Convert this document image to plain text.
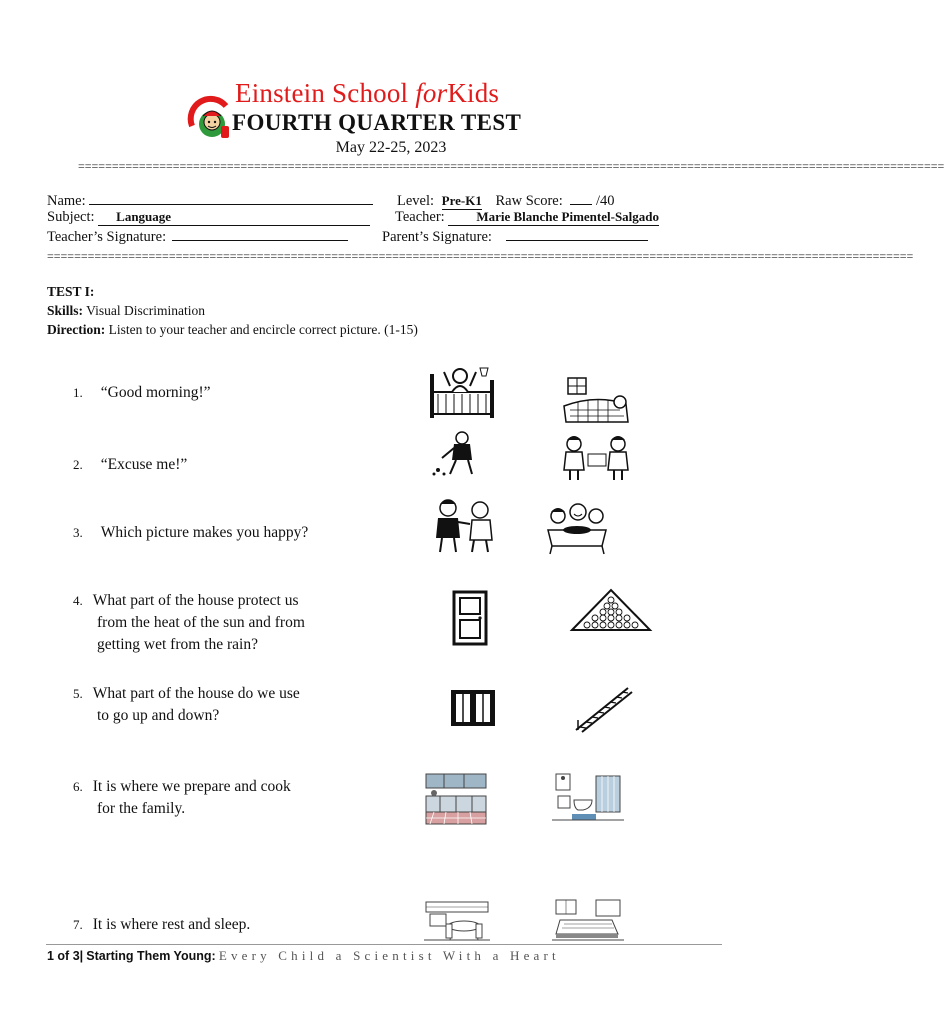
Einstein School forKids
FOURTH QUARTER TEST
May 22-25, 2023
================================================================================================================================
Name:	Level: Pre-K1 Raw Score: /40
Subject: Language	Teacher: Marie Blanche Pimentel-Salgado
Teacher’s Signature:	Parent’s Signature:
================================================================================================================================
TEST I:
Skills: Visual Discrimination
Direction: Listen to your teacher and encircle correct picture. (1-15)
1. “Good morning!”
2. “Excuse me!”
3. Which picture makes you happy?
4. What part of the house protect us
from the heat of the sun and from
getting wet from the rain?
5. What part of the house do we use
to go up and down?
6. It is where we prepare and cook
for the family.
7. It is where rest and sleep.
1 of 3| Starting Them Young: Every Child a Scientist With a Heart
